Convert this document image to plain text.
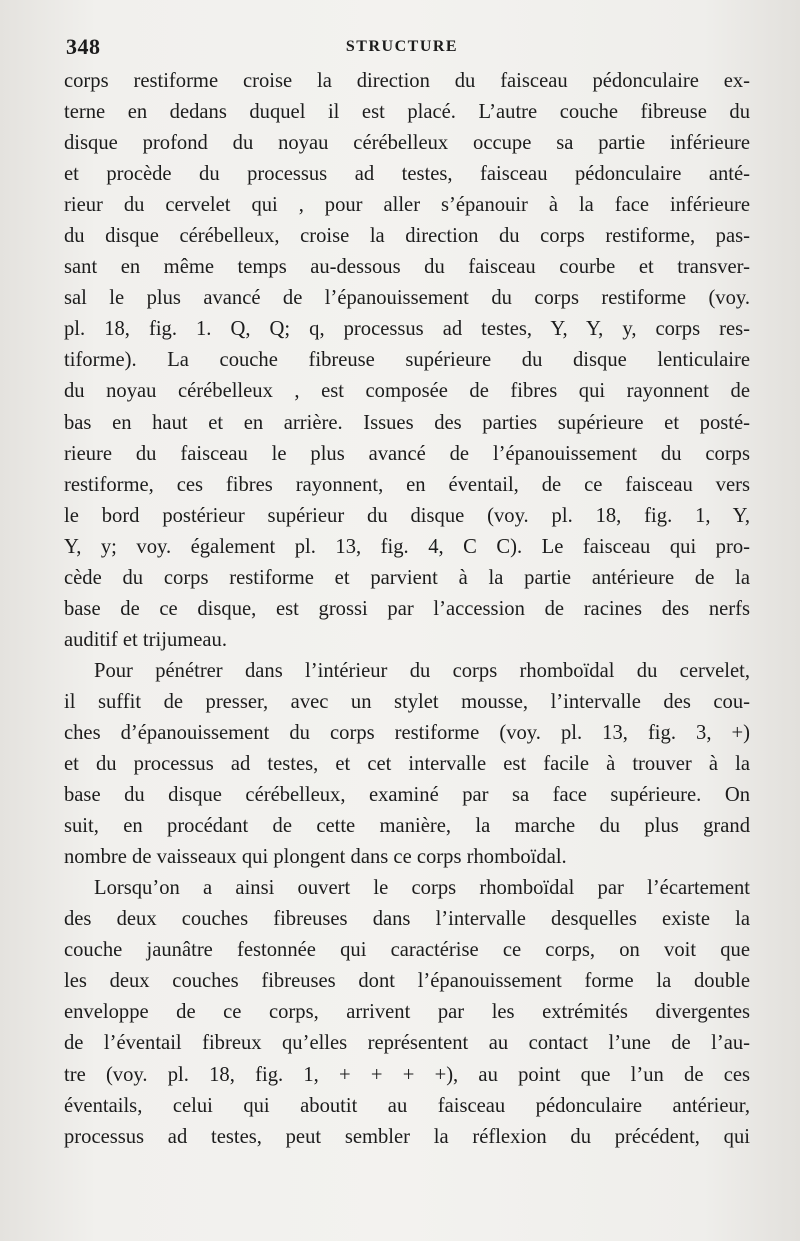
348	STRUCTURE
corps restiforme croise la direction du faisceau pédonculaire ex-
terne en dedans duquel il est placé. L’autre couche fibreuse du
disque profond du noyau cérébelleux occupe sa partie inférieure
et procède du processus ad testes, faisceau pédonculaire anté-
rieur du cervelet qui , pour aller s’épanouir à la face inférieure
du disque cérébelleux, croise la direction du corps restiforme, pas-
sant en même temps au-dessous du faisceau courbe et transver-
sal le plus avancé de l’épanouissement du corps restiforme (voy.
pl. 18, fig. 1. Q, Q; q, processus ad testes, Y, Y, y, corps res-
tiforme). La couche fibreuse supérieure du disque lenticulaire
du noyau cérébelleux , est composée de fibres qui rayonnent de
bas en haut et en arrière. Issues des parties supérieure et posté-
rieure du faisceau le plus avancé de l’épanouissement du corps
restiforme, ces fibres rayonnent, en éventail, de ce faisceau vers
le bord postérieur supérieur du disque (voy. pl. 18, fig. 1, Y,
Y, y; voy. également pl. 13, fig. 4, C C). Le faisceau qui pro-
cède du corps restiforme et parvient à la partie antérieure de la
base de ce disque, est grossi par l’accession de racines des nerfs
auditif et trijumeau.
Pour pénétrer dans l’intérieur du corps rhomboïdal du cervelet,
il suffit de presser, avec un stylet mousse, l’intervalle des cou-
ches d’épanouissement du corps restiforme (voy. pl. 13, fig. 3, +)
et du processus ad testes, et cet intervalle est facile à trouver à la
base du disque cérébelleux, examiné par sa face supérieure. On
suit, en procédant de cette manière, la marche du plus grand
nombre de vaisseaux qui plongent dans ce corps rhomboïdal.
Lorsqu’on a ainsi ouvert le corps rhomboïdal par l’écartement
des deux couches fibreuses dans l’intervalle desquelles existe la
couche jaunâtre festonnée qui caractérise ce corps, on voit que
les deux couches fibreuses dont l’épanouissement forme la double
enveloppe de ce corps, arrivent par les extrémités divergentes
de l’éventail fibreux qu’elles représentent au contact l’une de l’au-
tre (voy. pl. 18, fig. 1, + + + +), au point que l’un de ces
éventails, celui qui aboutit au faisceau pédonculaire antérieur,
processus ad testes, peut sembler la réflexion du précédent, qui
